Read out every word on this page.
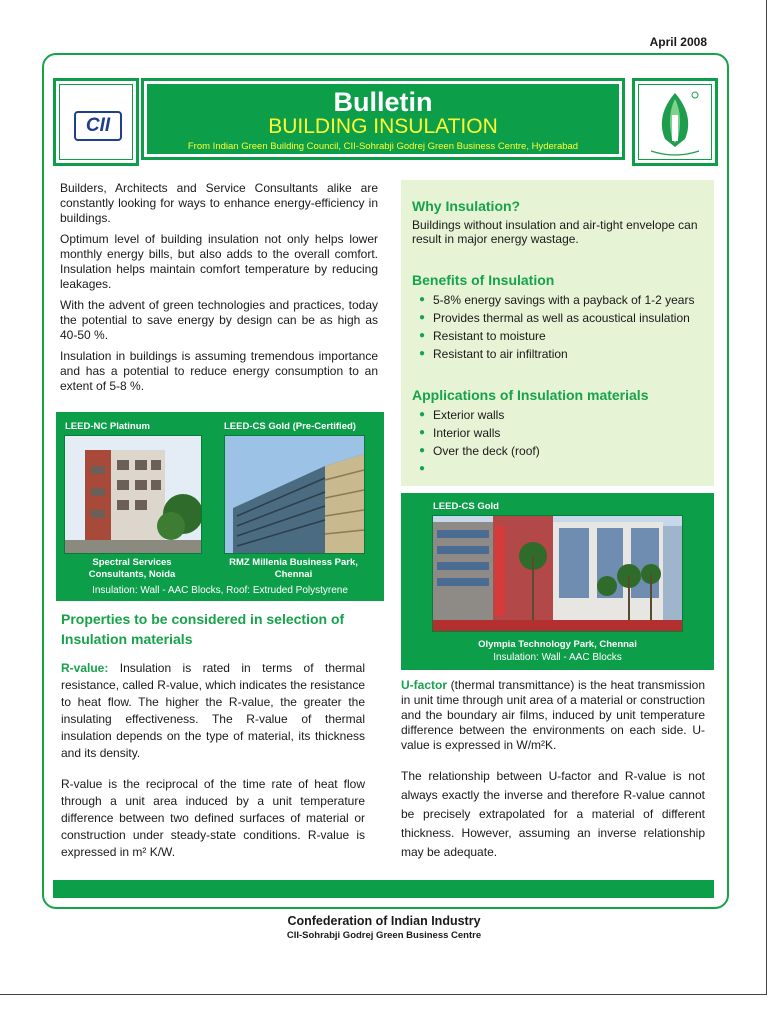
April 2008
CII
Bulletin
BUILDING INSULATION
From Indian Green Building Council, CII-Sohrabji Godrej Green Business Centre, Hyderabad

Builders, Architects and Service Consultants alike are constantly looking for ways to enhance energy-efficiency in buildings.

Optimum level of building insulation not only helps lower monthly energy bills, but also adds to the overall comfort. Insulation helps maintain comfort temperature by reducing leakages.

With the advent of green technologies and practices, today the potential to save energy by design can be as high as 40-50 %.

Insulation in buildings is assuming tremendous importance and has a potential to reduce energy consumption to an extent of 5-8 %.

LEED-NC Platinum	LEED-CS Gold (Pre-Certified)
Spectral Services Consultants, Noida
RMZ Millenia Business Park, Chennai
Insulation: Wall - AAC Blocks, Roof: Extruded Polystyrene
Properties to be considered in selection of Insulation materials

R-value: Insulation is rated in terms of thermal resistance, called R-value, which indicates the resistance to heat flow. The higher the R-value, the greater the insulating effectiveness. The R-value of thermal insulation depends on the type of material, its thickness and its density.

R-value is the reciprocal of the time rate of heat flow through a unit area induced by a unit temperature difference between two defined surfaces of material or construction under steady-state conditions. R-value is expressed in m² K/W.

Why Insulation?
Buildings without insulation and air-tight envelope can result in major energy wastage.
Benefits of Insulation
● 5-8% energy savings with a payback of 1-2 years
● Provides thermal as well as acoustical insulation
● Resistant to moisture
● Resistant to air infiltration
Applications of Insulation materials
● Exterior walls
● Interior walls
● Over the deck (roof)
●
LEED-CS Gold
Olympia Technology Park, Chennai
Insulation: Wall - AAC Blocks

U-factor (thermal transmittance) is the heat transmission in unit time through unit area of a material or construction and the boundary air films, induced by unit temperature difference between the environments on each side. U-value is expressed in W/m²K.

The relationship between U-factor and R-value is not always exactly the inverse and therefore R-value cannot be precisely extrapolated for a material of different thickness. However, assuming an inverse relationship may be adequate.

Confederation of Indian Industry
CII-Sohrabji Godrej Green Business Centre
